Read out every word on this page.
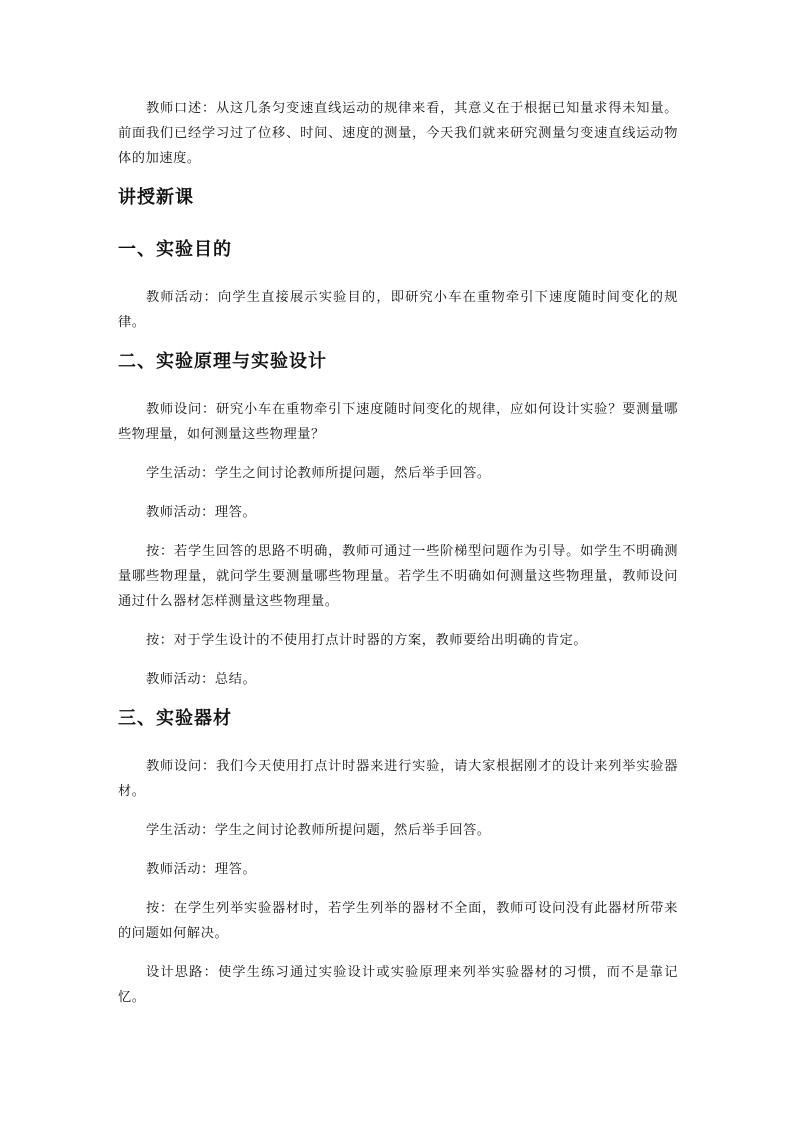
教师口述：从这几条匀变速直线运动的规律来看，其意义在于根据已知量求得未知量。前面我们已经学习过了位移、时间、速度的测量，今天我们就来研究测量匀变速直线运动物体的加速度。

讲授新课
一、实验目的

教师活动：向学生直接展示实验目的，即研究小车在重物牵引下速度随时间变化的规律。

二、实验原理与实验设计

教师设问：研究小车在重物牵引下速度随时间变化的规律，应如何设计实验？要测量哪些物理量，如何测量这些物理量？

学生活动：学生之间讨论教师所提问题，然后举手回答。

教师活动：理答。

按：若学生回答的思路不明确，教师可通过一些阶梯型问题作为引导。如学生不明确测量哪些物理量，就问学生要测量哪些物理量。若学生不明确如何测量这些物理量，教师设问通过什么器材怎样测量这些物理量。

按：对于学生设计的不使用打点计时器的方案，教师要给出明确的肯定。

教师活动：总结。

三、实验器材

教师设问：我们今天使用打点计时器来进行实验，请大家根据刚才的设计来列举实验器材。

学生活动：学生之间讨论教师所提问题，然后举手回答。

教师活动：理答。

按：在学生列举实验器材时，若学生列举的器材不全面，教师可设问没有此器材所带来的问题如何解决。

设计思路：使学生练习通过实验设计或实验原理来列举实验器材的习惯，而不是靠记忆。
